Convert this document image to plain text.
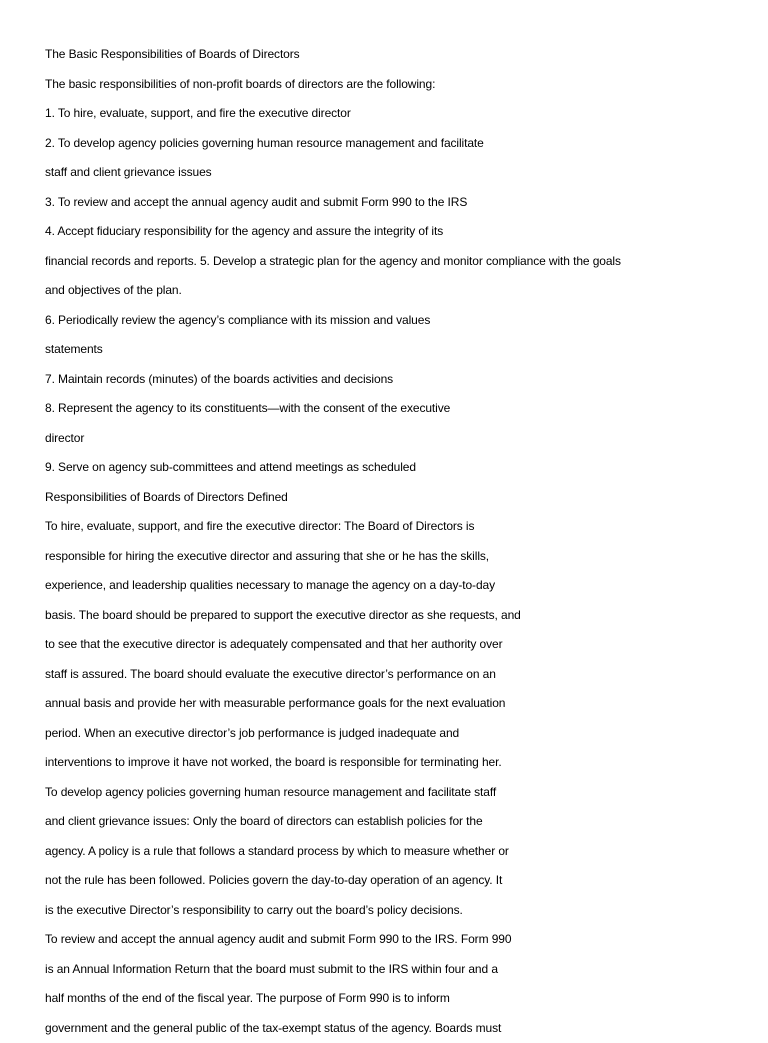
The Basic Responsibilities of Boards of Directors
The basic responsibilities of non-profit boards of directors are the following:
1. To hire, evaluate, support, and fire the executive director
2. To develop agency policies governing human resource management and facilitate
staff and client grievance issues
3. To review and accept the annual agency audit and submit Form 990 to the IRS
4. Accept fiduciary responsibility for the agency and assure the integrity of its
financial records and reports. 5. Develop a strategic plan for the agency and monitor compliance with the goals
and objectives of the plan.
6. Periodically review the agency’s compliance with its mission and values
statements
7. Maintain records (minutes) of the boards activities and decisions
8. Represent the agency to its constituents—with the consent of the executive
director
9. Serve on agency sub-committees and attend meetings as scheduled
Responsibilities of Boards of Directors Defined
To hire, evaluate, support, and fire the executive director: The Board of Directors is
responsible for hiring the executive director and assuring that she or he has the skills,
experience, and leadership qualities necessary to manage the agency on a day-to-day
basis. The board should be prepared to support the executive director as she requests, and
to see that the executive director is adequately compensated and that her authority over
staff is assured. The board should evaluate the executive director’s performance on an
annual basis and provide her with measurable performance goals for the next evaluation
period. When an executive director’s job performance is judged inadequate and
interventions to improve it have not worked, the board is responsible for terminating her.
To develop agency policies governing human resource management and facilitate staff
and client grievance issues: Only the board of directors can establish policies for the
agency. A policy is a rule that follows a standard process by which to measure whether or
not the rule has been followed. Policies govern the day-to-day operation of an agency. It
is the executive Director’s responsibility to carry out the board’s policy decisions.
To review and accept the annual agency audit and submit Form 990 to the IRS. Form 990
is an Annual Information Return that the board must submit to the IRS within four and a
half months of the end of the fiscal year. The purpose of Form 990 is to inform
government and the general public of the tax-exempt status of the agency. Boards must
